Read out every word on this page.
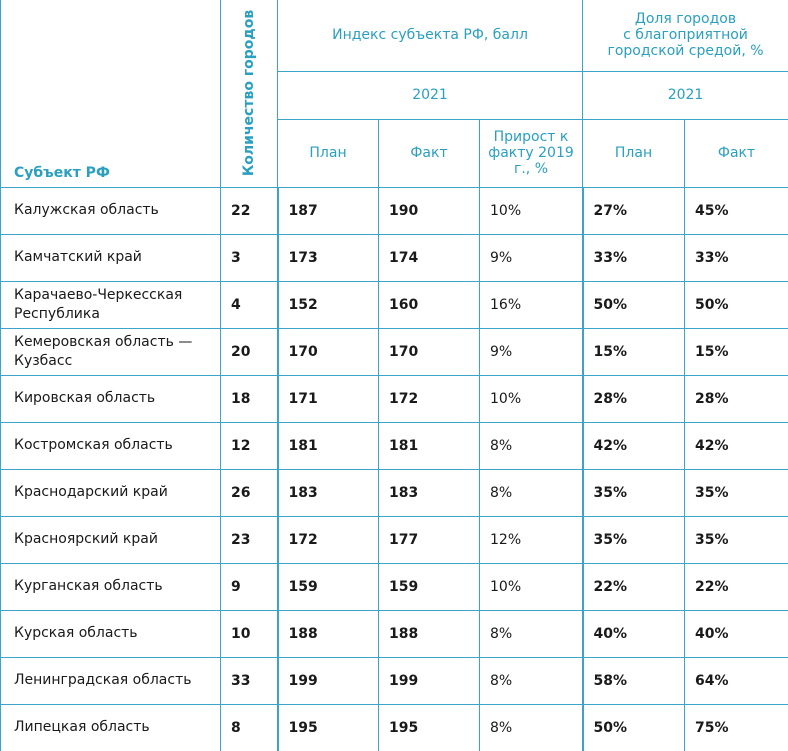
Субъект РФ	Количество городов	Индекс субъекта РФ, балл			Доля городов
с благоприятной
городской средой, %	

		2021			2021	
		План	Факт	Прирост к
факту 2019
г., %	План	Факт

Калужская область	22	187	190	10%	27%	45%

Камчатский край	3	173	174	9%	33%	33%

Карачаево-Черкесская
Республика	4	152	160	16%	50%	50%

Кемеровская область —
Кузбасс	20	170	170	9%	15%	15%

Кировская область	18	171	172	10%	28%	28%

Костромская область	12	181	181	8%	42%	42%

Краснодарский край	26	183	183	8%	35%	35%

Красноярский край	23	172	177	12%	35%	35%

Курганская область	9	159	159	10%	22%	22%

Курская область	10	188	188	8%	40%	40%

Ленинградская область	33	199	199	8%	58%	64%

Липецкая область	8	195	195	8%	50%	75%
